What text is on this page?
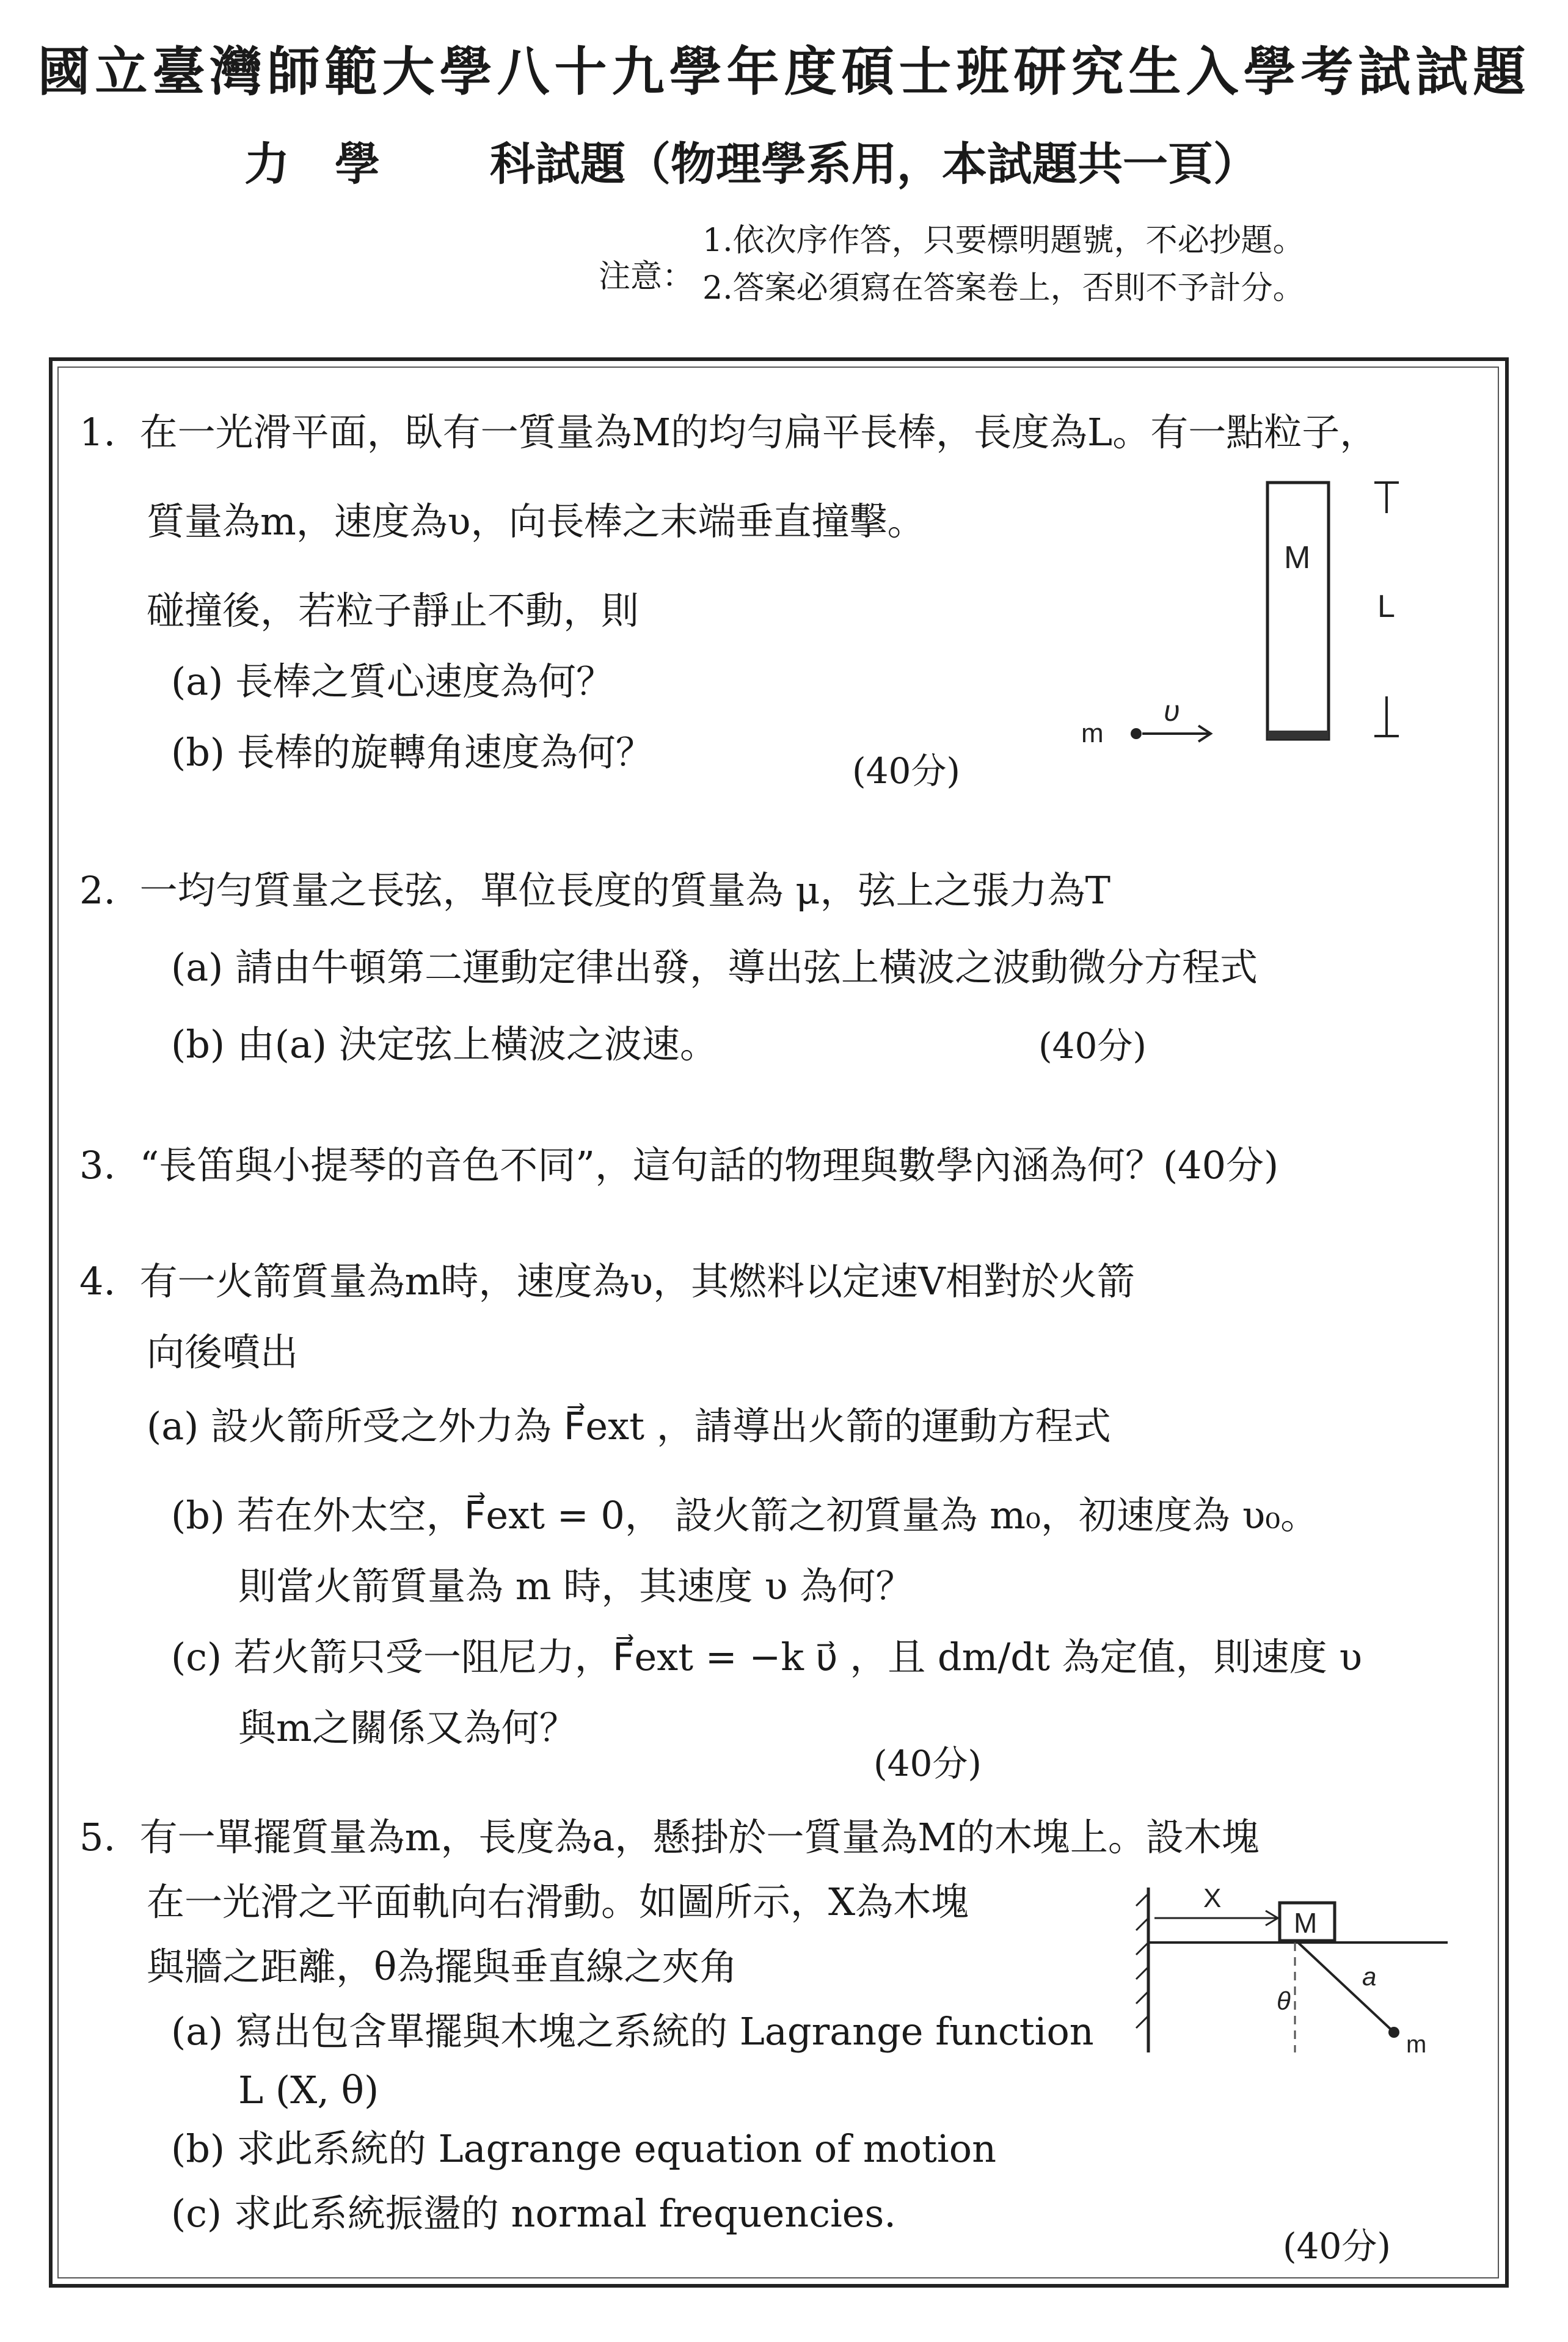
國立臺灣師範大學八十九學年度碩士班研究生入學考試試題
力　學 科試題（物理學系用，本試題共一頁）
注意：
1.依次序作答，只要標明題號，不必抄題。
2.答案必須寫在答案卷上，否則不予計分。
1. 在一光滑平面，臥有一質量為M的均勻扁平長棒，長度為L。有一點粒子，
質量為m，速度為υ，向長棒之末端垂直撞擊。
碰撞後，若粒子靜止不動，則
(a) 長棒之質心速度為何？
(b) 長棒的旋轉角速度為何？	(40分)
M
L
m
υ
2. 一均勻質量之長弦，單位長度的質量為 μ，弦上之張力為T
(a) 請由牛頓第二運動定律出發，導出弦上橫波之波動微分方程式
(b) 由(a) 決定弦上橫波之波速。	(40分)
3. “長笛與小提琴的音色不同”，這句話的物理與數學內涵為何？(40分)
4. 有一火箭質量為m時，速度為υ，其燃料以定速V相對於火箭
向後噴出
(a) 設火箭所受之外力為 F⃗ext ，請導出火箭的運動方程式
(b) 若在外太空，F⃗ext = 0， 設火箭之初質量為 m₀，初速度為 υ₀。
則當火箭質量為 m 時，其速度 υ 為何？
(c) 若火箭只受一阻尼力，F⃗ext = −k υ⃗ ，且 dm/dt 為定值，則速度 υ
與m之關係又為何？
(40分)
5. 有一單擺質量為m，長度為a，懸掛於一質量為M的木塊上。設木塊
在一光滑之平面軌向右滑動。如圖所示，X為木塊
與牆之距離，θ為擺與垂直線之夾角
(a) 寫出包含單擺與木塊之系統的 Lagrange function
L (X, θ)
(b) 求此系統的 Lagrange equation of motion
(c) 求此系統振盪的 normal frequencies.
(40分)
X
M
θ
a
m
